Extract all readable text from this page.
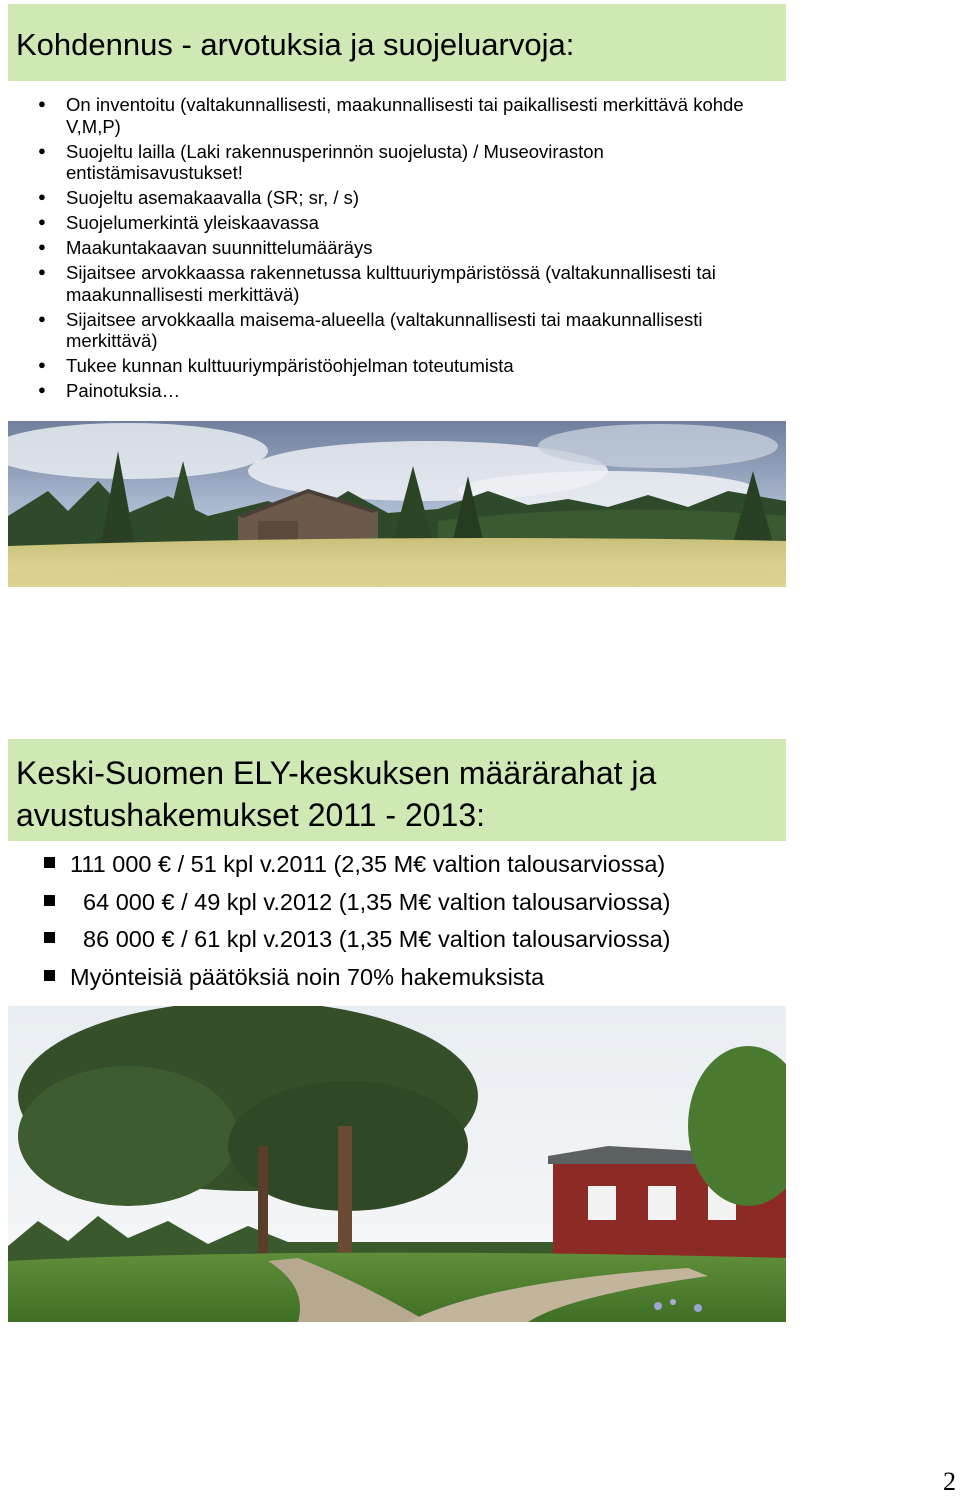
Kohdennus - arvotuksia ja suojeluarvoja:
● On inventoitu (valtakunnallisesti, maakunnallisesti tai paikallisesti merkittävä kohde V,M,P)
● Suojeltu lailla (Laki rakennusperinnön suojelusta) / Museoviraston entistämisavustukset!
● Suojeltu asemakaavalla (SR; sr, / s)
● Suojelumerkintä yleiskaavassa
● Maakuntakaavan suunnittelumääräys
● Sijaitsee arvokkaassa rakennetussa kulttuuriympäristössä (valtakunnallisesti tai maakunnallisesti merkittävä)
● Sijaitsee arvokkaalla maisema-alueella (valtakunnallisesti tai maakunnallisesti merkittävä)
● Tukee kunnan kulttuuriympäristöohjelman toteutumista
● Painotuksia…
Keski-Suomen ELY-keskuksen määrärahat ja avustushakemukset 2011 - 2013:
111 000 € / 51 kpl v.2011 (2,35 M€ valtion talousarviossa)
64 000 € / 49 kpl v.2012 (1,35 M€ valtion talousarviossa)
86 000 € / 61 kpl v.2013 (1,35 M€ valtion talousarviossa)
Myönteisiä päätöksiä noin 70% hakemuksista
2
